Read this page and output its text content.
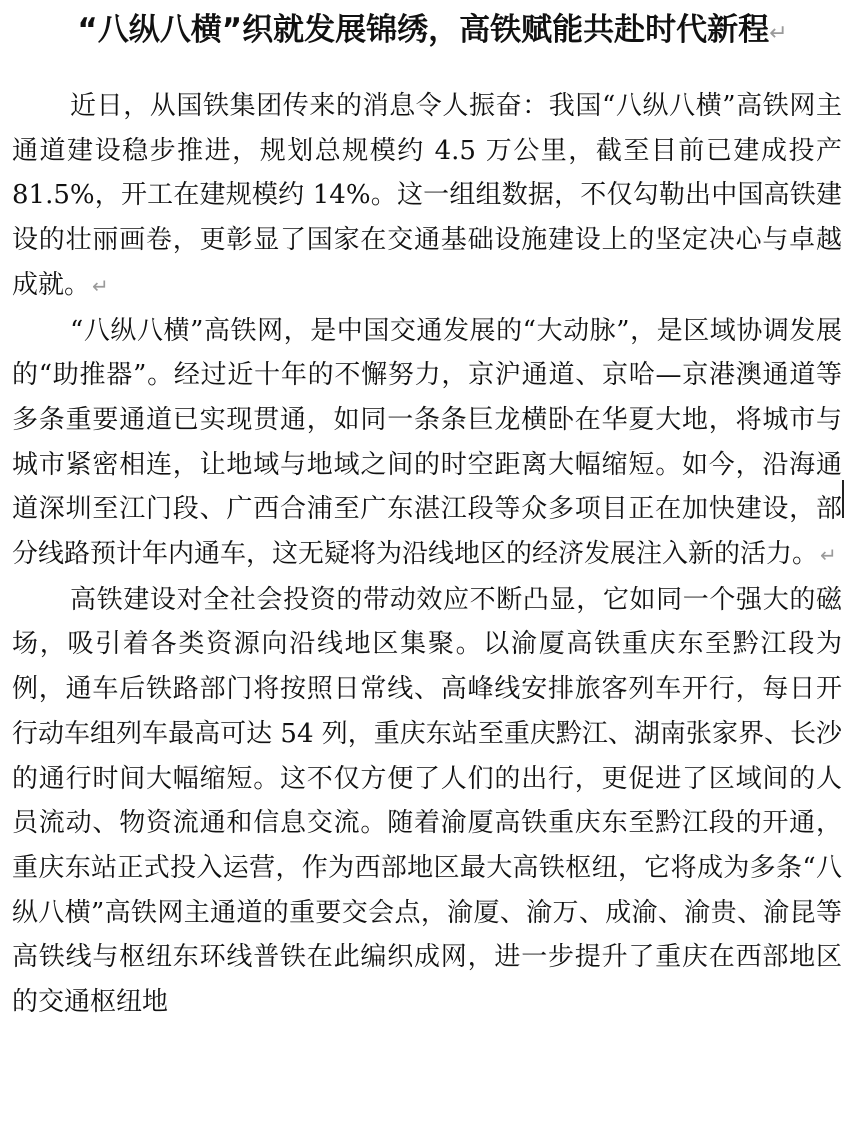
“八纵八横”织就发展锦绣，高铁赋能共赴时代新程↵

近日，从国铁集团传来的消息令人振奋：我国“八纵八横”高铁网主通道建设稳步推进，规划总规模约 4.5 万公里，截至目前已建成投产 81.5%，开工在建规模约 14%。这一组组数据，不仅勾勒出中国高铁建设的壮丽画卷，更彰显了国家在交通基础设施建设上的坚定决心与卓越成就。 ↵

“八纵八横”高铁网，是中国交通发展的“大动脉”，是区域协调发展的“助推器”。经过近十年的不懈努力，京沪通道、京哈—京港澳通道等多条重要通道已实现贯通，如同一条条巨龙横卧在华夏大地，将城市与城市紧密相连，让地域与地域之间的时空距离大幅缩短。如今，沿海通道深圳至江门段、广西合浦至广东湛江段等众多项目正在加快建设，部分线路预计年内通车，这无疑将为沿线地区的经济发展注入新的活力。 ↵

高铁建设对全社会投资的带动效应不断凸显，它如同一个强大的磁场，吸引着各类资源向沿线地区集聚。以渝厦高铁重庆东至黔江段为例，通车后铁路部门将按照日常线、高峰线安排旅客列车开行，每日开行动车组列车最高可达 54 列，重庆东站至重庆黔江、湖南张家界、长沙的通行时间大幅缩短。这不仅方便了人们的出行，更促进了区域间的人员流动、物资流通和信息交流。随着渝厦高铁重庆东至黔江段的开通，重庆东站正式投入运营，作为西部地区最大高铁枢纽，它将成为多条“八纵八横”高铁网主通道的重要交会点，渝厦、渝万、成渝、渝贵、渝昆等高铁线与枢纽东环线普铁在此编织成网，进一步提升了重庆在西部地区的交通枢纽地
